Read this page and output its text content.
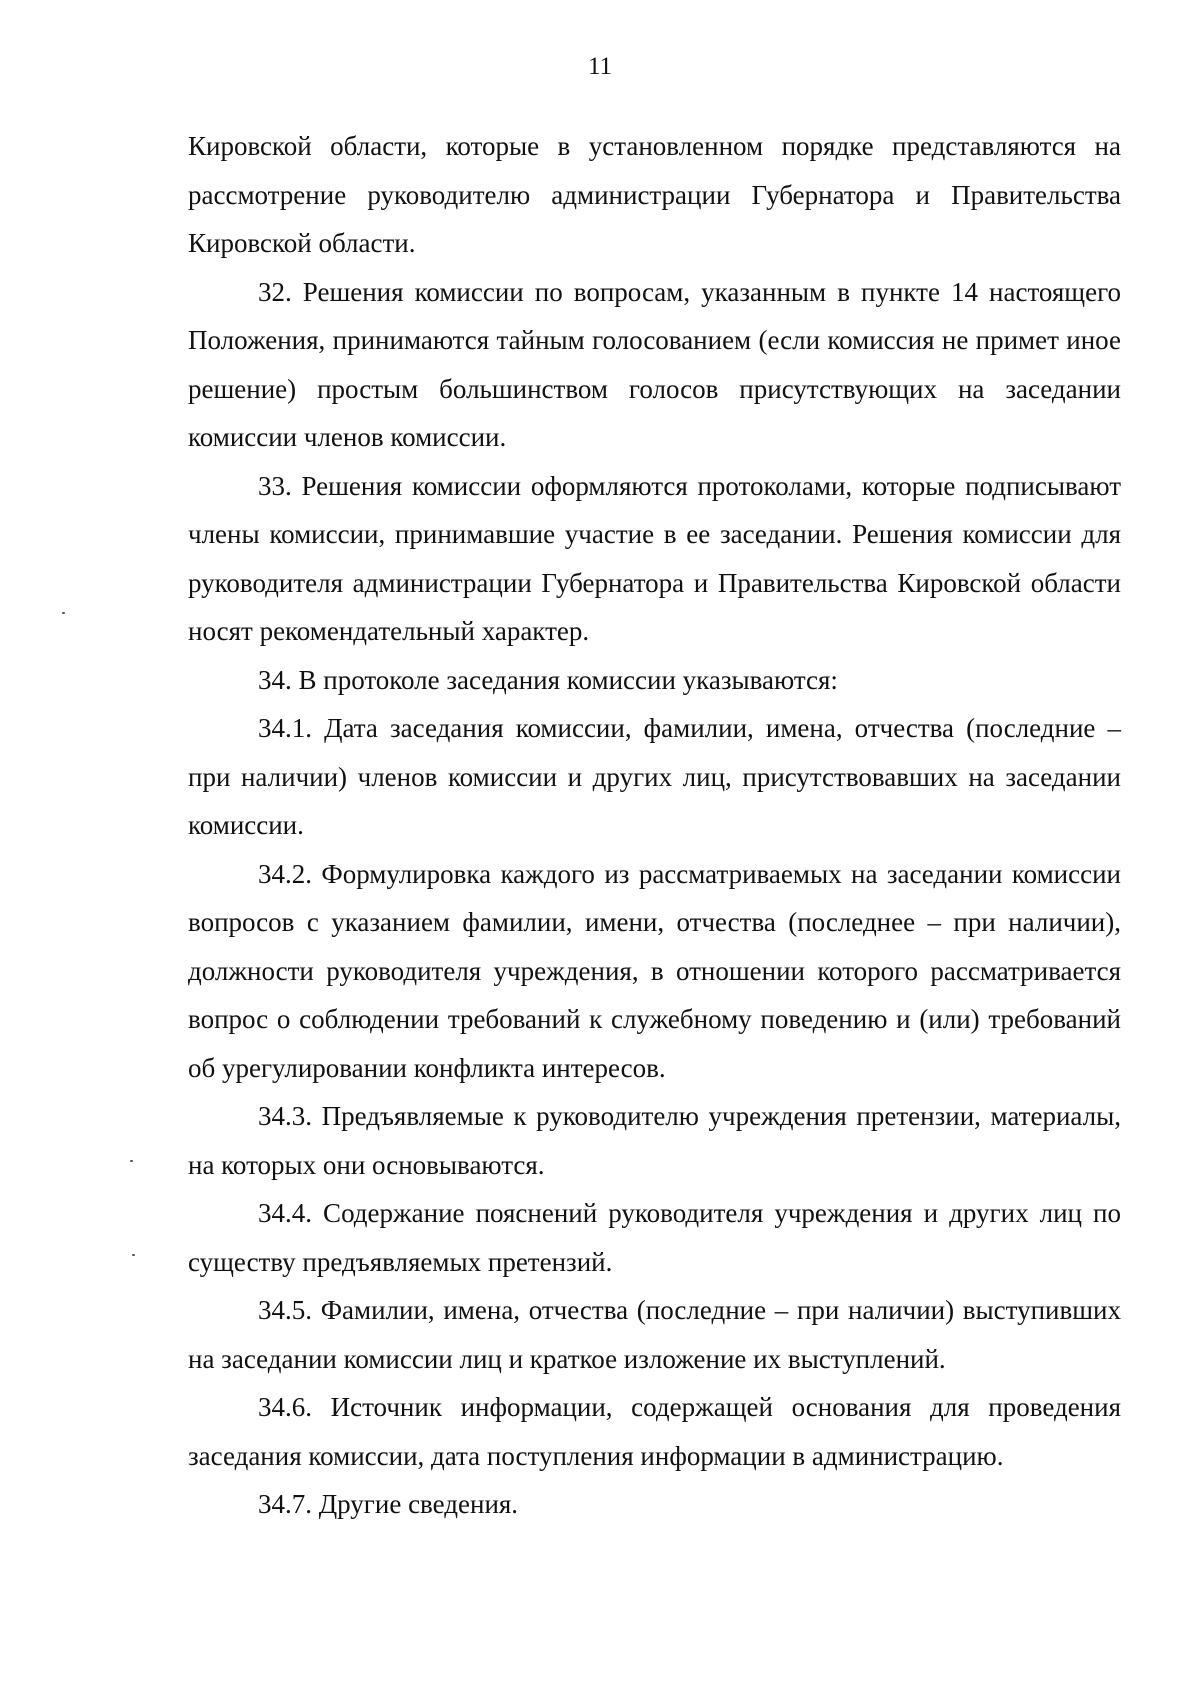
11

Кировской области, которые в установленном порядке представляются на рассмотрение руководителю администрации Губернатора и Правительства Кировской области.

32. Решения комиссии по вопросам, указанным в пункте 14 настоящего Положения, принимаются тайным голосованием (если комиссия не примет иное решение) простым большинством голосов присутствующих на заседании комиссии членов комиссии.

33. Решения комиссии оформляются протоколами, которые подписывают члены комиссии, принимавшие участие в ее заседании. Решения комиссии для руководителя администрации Губернатора и Правительства Кировской области носят рекомендательный характер.

34. В протоколе заседания комиссии указываются:

34.1. Дата заседания комиссии, фамилии, имена, отчества (последние – при наличии) членов комиссии и других лиц, присутствовавших на заседании комиссии.

34.2. Формулировка каждого из рассматриваемых на заседании комиссии вопросов с указанием фамилии, имени, отчества (последнее – при наличии), должности руководителя учреждения, в отношении которого рассматривается вопрос о соблюдении требований к служебному поведению и (или) требований об урегулировании конфликта интересов.

34.3. Предъявляемые к руководителю учреждения претензии, материалы, на которых они основываются.

34.4. Содержание пояснений руководителя учреждения и других лиц по существу предъявляемых претензий.

34.5. Фамилии, имена, отчества (последние – при наличии) выступивших на заседании комиссии лиц и краткое изложение их выступлений.

34.6. Источник информации, содержащей основания для проведения заседания комиссии, дата поступления информации в администрацию.

34.7. Другие сведения.
